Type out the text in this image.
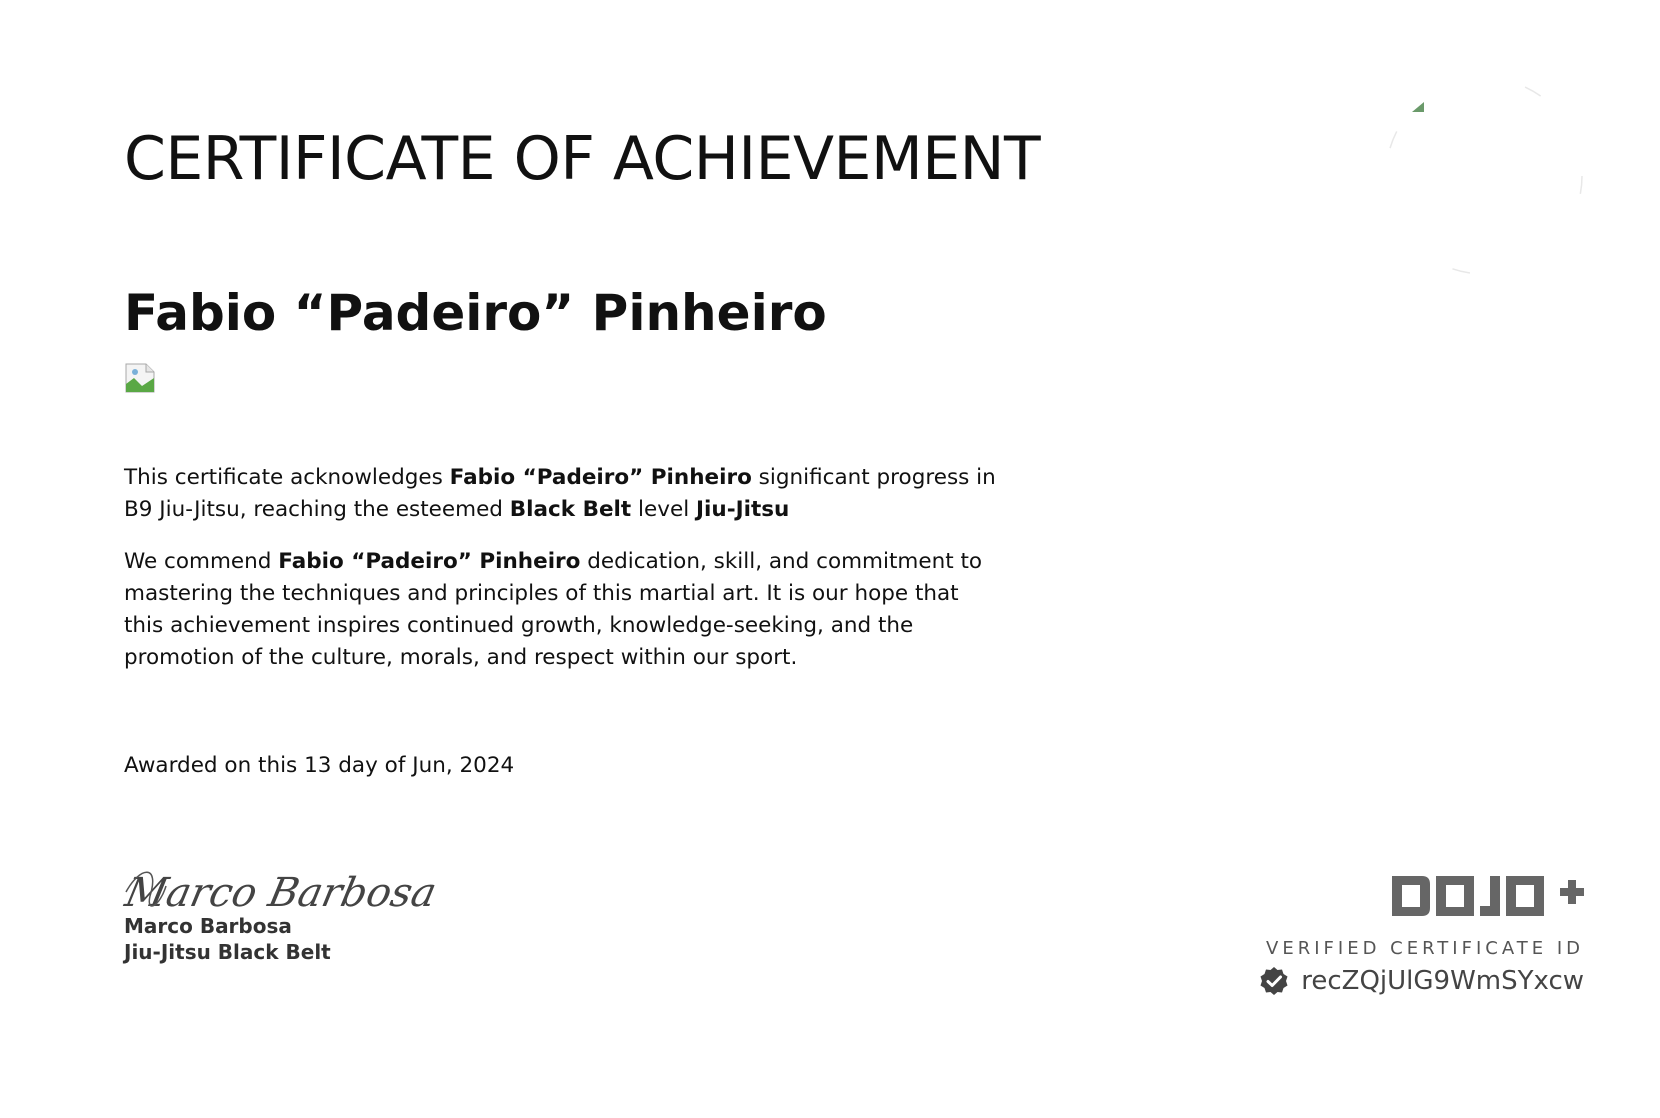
CERTIFICATE OF ACHIEVEMENT
Fabio “Padeiro” Pinheiro

This certificate acknowledges Fabio “Padeiro” Pinheiro significant progress in B9 Jiu-Jitsu, reaching the esteemed Black Belt level Jiu-Jitsu

We commend Fabio “Padeiro” Pinheiro dedication, skill, and commitment to mastering the techniques and principles of this martial art. It is our hope that this achievement inspires continued growth, knowledge-seeking, and the promotion of the culture, morals, and respect within our sport.

Awarded on this 13 day of Jun, 2024
Marco Barbosa
Marco Barbosa
Jiu-Jitsu Black Belt	VERIFIED CERTIFICATE ID
recZQjUlG9WmSYxcw
